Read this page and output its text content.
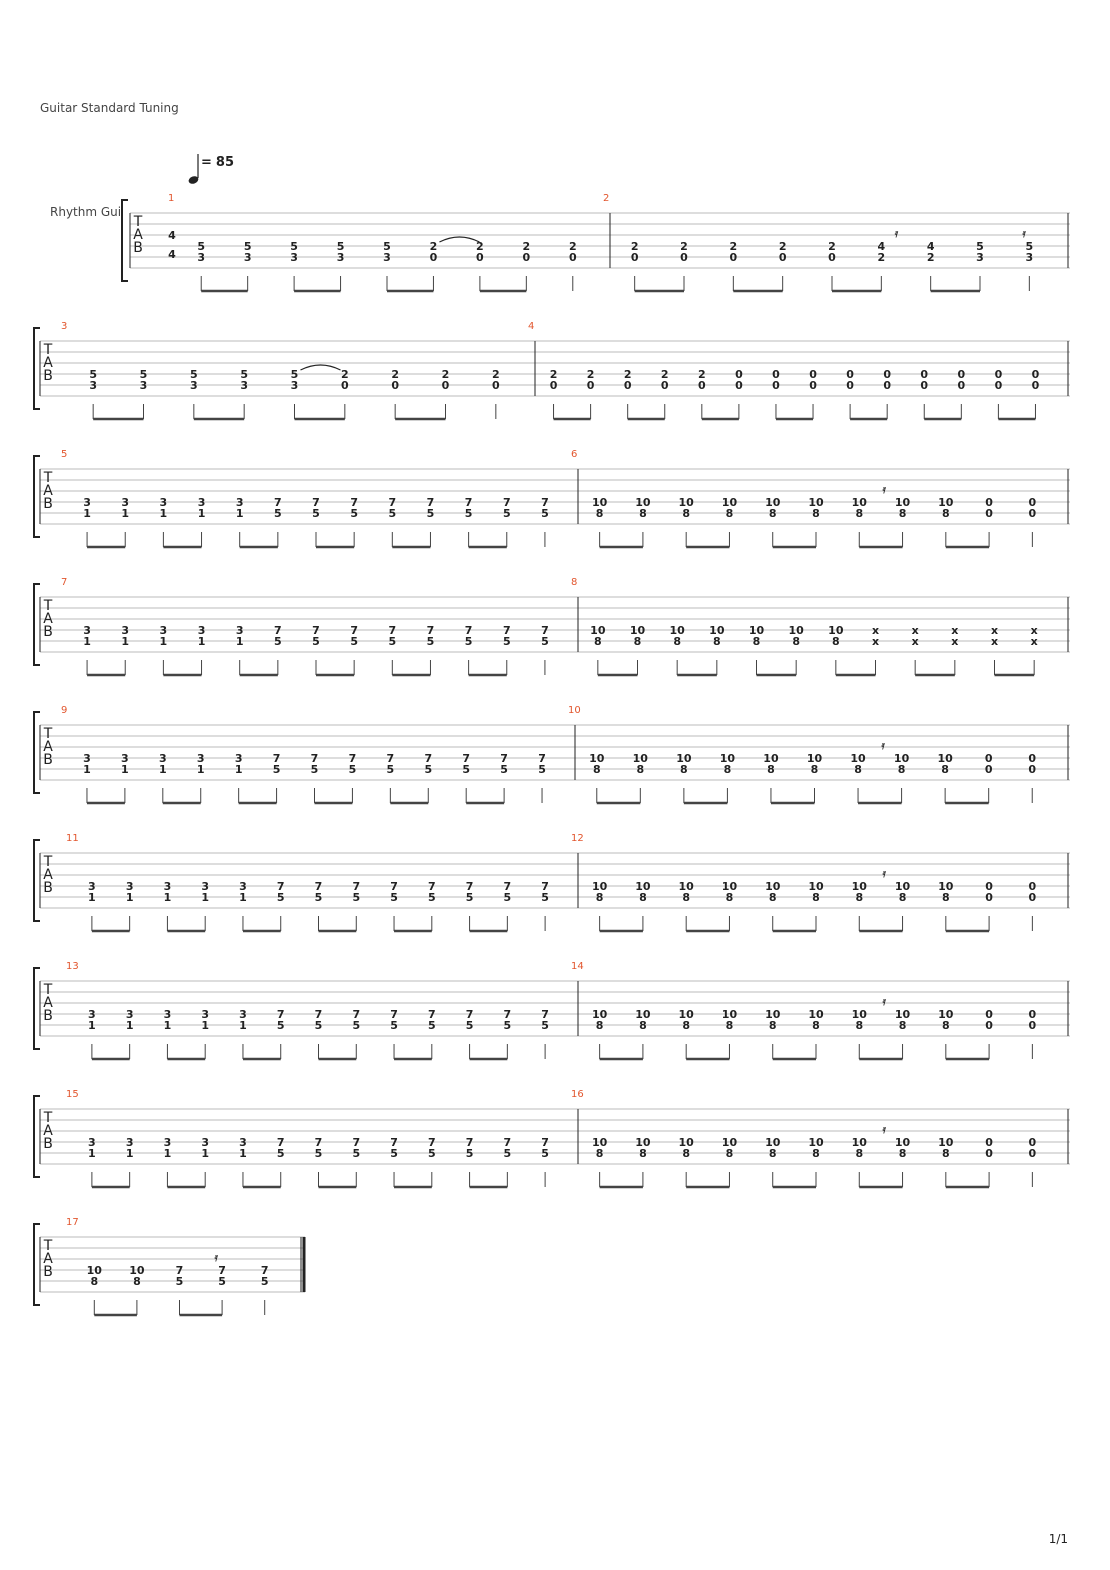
Guitar Standard Tuning
= 85
Rhythm Gui
T
A
B
4
4
1
5
3
5
3
5
3
5
3
5
3
2
0
2
0
2
0
2
0
2
2
0
2
0
2
0
2
0
2
0
4
2
4
2
5
3
5
3
𝄿	𝄿
T
A
B
3
5
3
5
3
5
3
5
3
5
3
2
0
2
0
2
0
2
0
4
2
0
2
0
2
0
2
0
2
0
0
0
0
0
0
0
0
0
0
0
0
0
0
0
0
0
0
0
T
A
B
5
3
1
3
1
3
1
3
1
3
1
7
5
7
5
7
5
7
5
7
5
7
5
7
5
7
5
6
10
8
10
8
10
8
10
8
10
8
10
8
10
8
10
8
10
8
0
0
0
0
𝄿
T
A
B
7
3
1
3
1
3
1
3
1
3
1
7
5
7
5
7
5
7
5
7
5
7
5
7
5
7
5
8
10
8
10
8
10
8
10
8
10
8
10
8
10
8
x
x
x
x
x
x
x
x
x
x
T
A
B
9
3
1
3
1
3
1
3
1
3
1
7
5
7
5
7
5
7
5
7
5
7
5
7
5
7
5
10
10
8
10
8
10
8
10
8
10
8
10
8
10
8
10
8
10
8
0
0
0
0
𝄿
T
A
B
11
3
1
3
1
3
1
3
1
3
1
7
5
7
5
7
5
7
5
7
5
7
5
7
5
7
5
12
10
8
10
8
10
8
10
8
10
8
10
8
10
8
10
8
10
8
0
0
0
0
𝄿
T
A
B
13
3
1
3
1
3
1
3
1
3
1
7
5
7
5
7
5
7
5
7
5
7
5
7
5
7
5
14
10
8
10
8
10
8
10
8
10
8
10
8
10
8
10
8
10
8
0
0
0
0
𝄿
T
A
B
15
3
1
3
1
3
1
3
1
3
1
7
5
7
5
7
5
7
5
7
5
7
5
7
5
7
5
16
10
8
10
8
10
8
10
8
10
8
10
8
10
8
10
8
10
8
0
0
0
0
𝄿
T
A
B
17
10
8
10
8
7
5
7
5
7
5
𝄿
1/1
